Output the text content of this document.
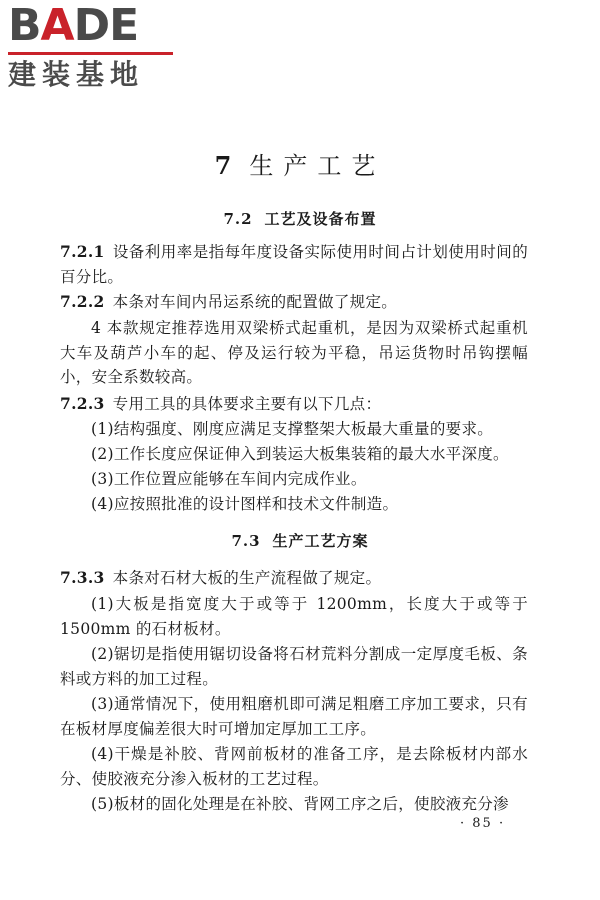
BADE
建装基地
7 生产工艺
7.2 工艺及设备布置
7.2.1 设备利用率是指每年度设备实际使用时间占计划使用时间的百分比。
7.2.2 本条对车间内吊运系统的配置做了规定。
4 本款规定推荐选用双梁桥式起重机，是因为双梁桥式起重机大车及葫芦小车的起、停及运行较为平稳，吊运货物时吊钩摆幅小，安全系数较高。
7.2.3 专用工具的具体要求主要有以下几点：
(1)结构强度、刚度应满足支撑整架大板最大重量的要求。
(2)工作长度应保证伸入到装运大板集装箱的最大水平深度。
(3)工作位置应能够在车间内完成作业。
(4)应按照批准的设计图样和技术文件制造。
7.3 生产工艺方案
7.3.3 本条对石材大板的生产流程做了规定。
(1)大板是指宽度大于或等于 1200mm，长度大于或等于 1500mm 的石材板材。
(2)锯切是指使用锯切设备将石材荒料分割成一定厚度毛板、条料或方料的加工过程。
(3)通常情况下，使用粗磨机即可满足粗磨工序加工要求，只有在板材厚度偏差很大时可增加定厚加工工序。
(4)干燥是补胶、背网前板材的准备工序，是去除板材内部水分、使胶液充分渗入板材的工艺过程。
(5)板材的固化处理是在补胶、背网工序之后，使胶液充分渗
· 85 ·
